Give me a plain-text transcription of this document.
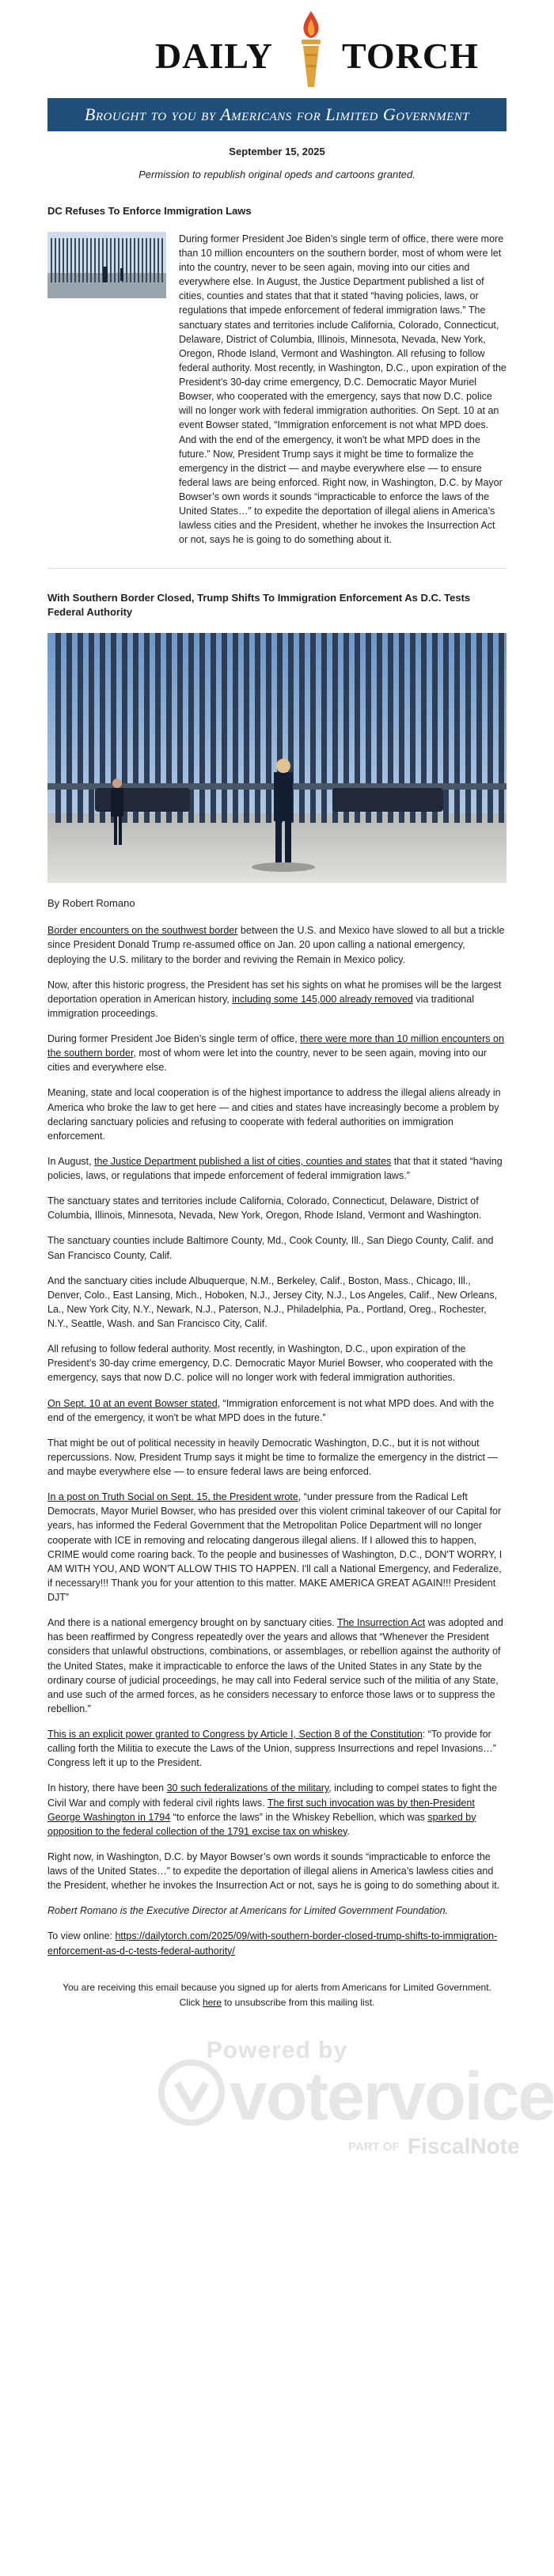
DAILY TORCH
Brought to you by Americans for Limited Government
September 15, 2025
Permission to republish original opeds and cartoons granted.
DC Refuses To Enforce Immigration Laws

During former President Joe Biden’s single term of office, there were more than 10 million encounters on the southern border, most of whom were let into the country, never to be seen again, moving into our cities and everywhere else. In August, the Justice Department published a list of cities, counties and states that that it stated “having policies, laws, or regulations that impede enforcement of federal immigration laws.” The sanctuary states and territories include California, Colorado, Connecticut, Delaware, District of Columbia, Illinois, Minnesota, Nevada, New York, Oregon, Rhode Island, Vermont and Washington. All refusing to follow federal authority. Most recently, in Washington, D.C., upon expiration of the President’s 30-day crime emergency, D.C. Democratic Mayor Muriel Bowser, who cooperated with the emergency, says that now D.C. police will no longer work with federal immigration authorities. On Sept. 10 at an event Bowser stated, “Immigration enforcement is not what MPD does. And with the end of the emergency, it won't be what MPD does in the future.” Now, President Trump says it might be time to formalize the emergency in the district — and maybe everywhere else — to ensure federal laws are being enforced. Right now, in Washington, D.C. by Mayor Bowser’s own words it sounds “impracticable to enforce the laws of the United States…” to expedite the deportation of illegal aliens in America’s lawless cities and the President, whether he invokes the Insurrection Act or not, says he is going to do something about it.

With Southern Border Closed, Trump Shifts To Immigration Enforcement As D.C. Tests Federal Authority

By Robert Romano

Border encounters on the southwest border between the U.S. and Mexico have slowed to all but a trickle since President Donald Trump re-assumed office on Jan. 20 upon calling a national emergency, deploying the U.S. military to the border and reviving the Remain in Mexico policy.

Now, after this historic progress, the President has set his sights on what he promises will be the largest deportation operation in American history, including some 145,000 already removed via traditional immigration proceedings.

During former President Joe Biden’s single term of office, there were more than 10 million encounters on the southern border, most of whom were let into the country, never to be seen again, moving into our cities and everywhere else.

Meaning, state and local cooperation is of the highest importance to address the illegal aliens already in America who broke the law to get here — and cities and states have increasingly become a problem by declaring sanctuary policies and refusing to cooperate with federal authorities on immigration enforcement.

In August, the Justice Department published a list of cities, counties and states that that it stated “having policies, laws, or regulations that impede enforcement of federal immigration laws.”

The sanctuary states and territories include California, Colorado, Connecticut, Delaware, District of Columbia, Illinois, Minnesota, Nevada, New York, Oregon, Rhode Island, Vermont and Washington.

The sanctuary counties include Baltimore County, Md., Cook County, Ill., San Diego County, Calif. and San Francisco County, Calif.

And the sanctuary cities include Albuquerque, N.M., Berkeley, Calif., Boston, Mass., Chicago, Ill., Denver, Colo., East Lansing, Mich., Hoboken, N.J., Jersey City, N.J., Los Angeles, Calif., New Orleans, La., New York City, N.Y., Newark, N.J., Paterson, N.J., Philadelphia, Pa., Portland, Oreg., Rochester, N.Y., Seattle, Wash. and San Francisco City, Calif.

All refusing to follow federal authority. Most recently, in Washington, D.C., upon expiration of the President’s 30-day crime emergency, D.C. Democratic Mayor Muriel Bowser, who cooperated with the emergency, says that now D.C. police will no longer work with federal immigration authorities.

On Sept. 10 at an event Bowser stated, “Immigration enforcement is not what MPD does. And with the end of the emergency, it won't be what MPD does in the future.”

That might be out of political necessity in heavily Democratic Washington, D.C., but it is not without repercussions. Now, President Trump says it might be time to formalize the emergency in the district — and maybe everywhere else — to ensure federal laws are being enforced.

In a post on Truth Social on Sept. 15, the President wrote, “under pressure from the Radical Left Democrats, Mayor Muriel Bowser, who has presided over this violent criminal takeover of our Capital for years, has informed the Federal Government that the Metropolitan Police Department will no longer cooperate with ICE in removing and relocating dangerous illegal aliens. If I allowed this to happen, CRIME would come roaring back. To the people and businesses of Washington, D.C., DON'T WORRY, I AM WITH YOU, AND WON'T ALLOW THIS TO HAPPEN. I'll call a National Emergency, and Federalize, if necessary!!! Thank you for your attention to this matter. MAKE AMERICA GREAT AGAIN!!! President DJT”

And there is a national emergency brought on by sanctuary cities. The Insurrection Act was adopted and has been reaffirmed by Congress repeatedly over the years and allows that “Whenever the President considers that unlawful obstructions, combinations, or assemblages, or rebellion against the authority of the United States, make it impracticable to enforce the laws of the United States in any State by the ordinary course of judicial proceedings, he may call into Federal service such of the militia of any State, and use such of the armed forces, as he considers necessary to enforce those laws or to suppress the rebellion.”

This is an explicit power granted to Congress by Article I, Section 8 of the Constitution: “To provide for calling forth the Militia to execute the Laws of the Union, suppress Insurrections and repel Invasions…” Congress left it up to the President.

In history, there have been 30 such federalizations of the military, including to compel states to fight the Civil War and comply with federal civil rights laws. The first such invocation was by then-President George Washington in 1794 “to enforce the laws” in the Whiskey Rebellion, which was sparked by opposition to the federal collection of the 1791 excise tax on whiskey.

Right now, in Washington, D.C. by Mayor Bowser’s own words it sounds “impracticable to enforce the laws of the United States…” to expedite the deportation of illegal aliens in America’s lawless cities and the President, whether he invokes the Insurrection Act or not, says he is going to do something about it.

Robert Romano is the Executive Director at Americans for Limited Government Foundation.

To view online: https://dailytorch.com/2025/09/with-southern-border-closed-trump-shifts-to-immigration-enforcement-as-d-c-tests-federal-authority/

You are receiving this email because you signed up for alerts from Americans for Limited Government.
Click here to unsubscribe from this mailing list.
Powered by
votervoice
PART OF FiscalNote
